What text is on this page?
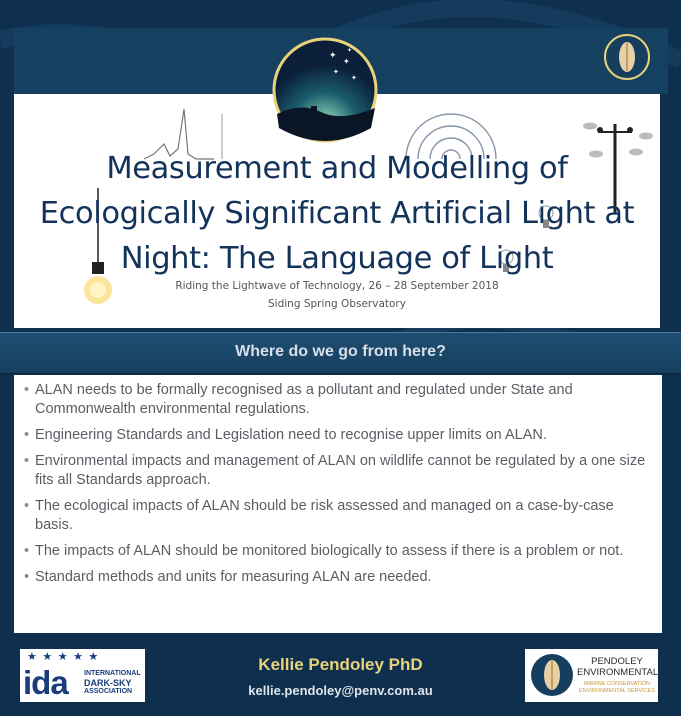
Measurement and Modelling of
Ecologically Significant Artificial Light at
Night: The Language of Light
Riding the Lightwave of Technology, 26 – 28 September 2018
Siding Spring Observatory
✦
✦
✦
✦
✦
Where do we go from here?
• ALAN needs to be formally recognised as a pollutant and regulated under State and Commonwealth environmental regulations.
• Engineering Standards and Legislation need to recognise upper limits on ALAN.
• Environmental impacts and management of ALAN on wildlife cannot be regulated by a one size fits all Standards approach.
• The ecological impacts of ALAN should be risk assessed and managed on a case-by-case basis.
• The impacts of ALAN should be monitored biologically to assess if there is a problem or not.
• Standard methods and units for measuring ALAN are needed.
★ ★ ★ ★ ★
ida INTERNATIONAL
DARK-SKY
ASSOCIATION
Kellie Pendoley PhD
kellie.pendoley@penv.com.au
PENDOLEY
ENVIRONMENTAL
MARINE CONSERVATION
ENVIRONMENTAL SERVICES
